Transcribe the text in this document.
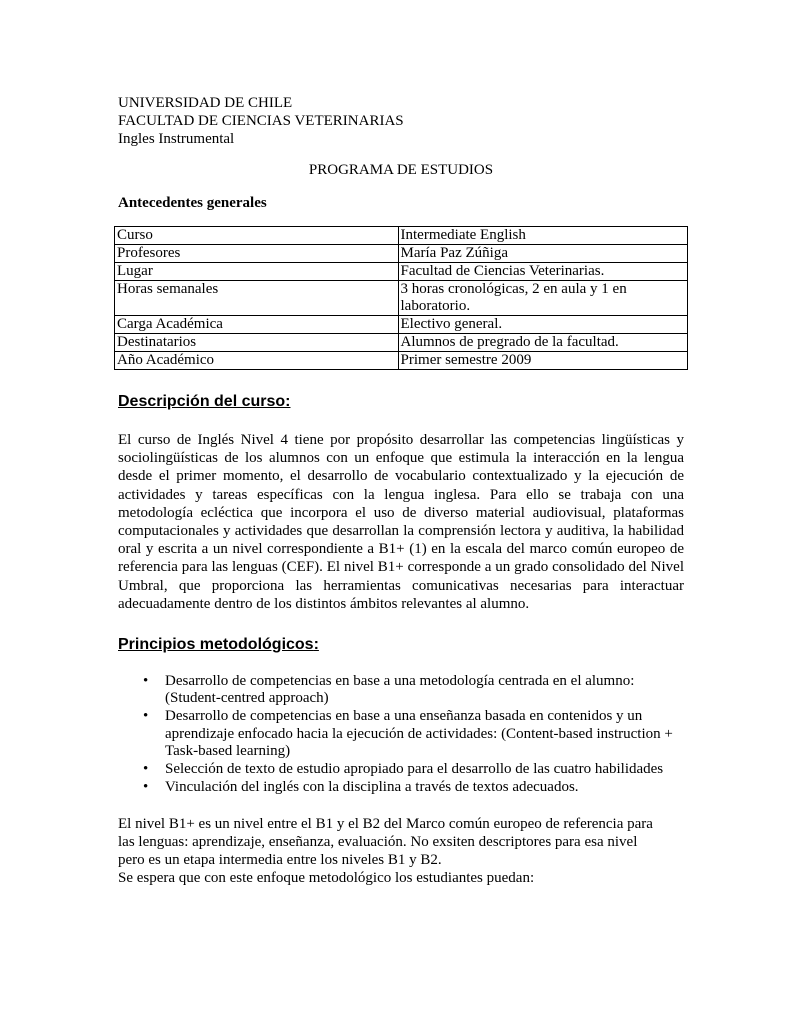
UNIVERSIDAD DE CHILE
FACULTAD DE CIENCIAS VETERINARIAS
Ingles Instrumental
PROGRAMA DE ESTUDIOS
Antecedentes generales
Curso	Intermediate English
Profesores	María Paz Zúñiga
Lugar	Facultad de Ciencias Veterinarias.
Horas semanales	3 horas cronológicas, 2 en aula y 1 en laboratorio.
Carga Académica	Electivo general.
Destinatarios	Alumnos de pregrado de la facultad.
Año Académico	Primer semestre 2009
Descripción del curso:
El curso de Inglés Nivel 4 tiene por propósito desarrollar las competencias lingüísticas y sociolingüísticas de los alumnos con un enfoque que estimula la interacción en la lengua desde el primer momento, el desarrollo de vocabulario contextualizado y la ejecución de actividades y tareas específicas con la lengua inglesa. Para ello se trabaja con una metodología ecléctica que incorpora el uso de diverso material audiovisual, plataformas computacionales y actividades que desarrollan la comprensión lectora y auditiva, la habilidad oral y escrita a un nivel correspondiente a B1+ (1) en la escala del marco común europeo de referencia para las lenguas (CEF). El nivel B1+ corresponde a un grado consolidado del Nivel Umbral, que proporciona las herramientas comunicativas necesarias para interactuar adecuadamente dentro de los distintos ámbitos relevantes al alumno.
Principios metodológicos:
• Desarrollo de competencias en base a una metodología centrada en el alumno: (Student-centred approach)
• Desarrollo de competencias en base a una enseñanza basada en contenidos y un aprendizaje enfocado hacia la ejecución de actividades: (Content-based instruction + Task-based learning)
• Selección de texto de estudio apropiado para el desarrollo de las cuatro habilidades
• Vinculación del inglés con la disciplina a través de textos adecuados.
El nivel B1+ es un nivel entre el B1 y el B2 del Marco común europeo de referencia para
las lenguas: aprendizaje, enseñanza, evaluación. No exsiten descriptores para esa nivel
pero es un etapa intermedia entre los niveles B1 y B2.
Se espera que con este enfoque metodológico los estudiantes puedan:
